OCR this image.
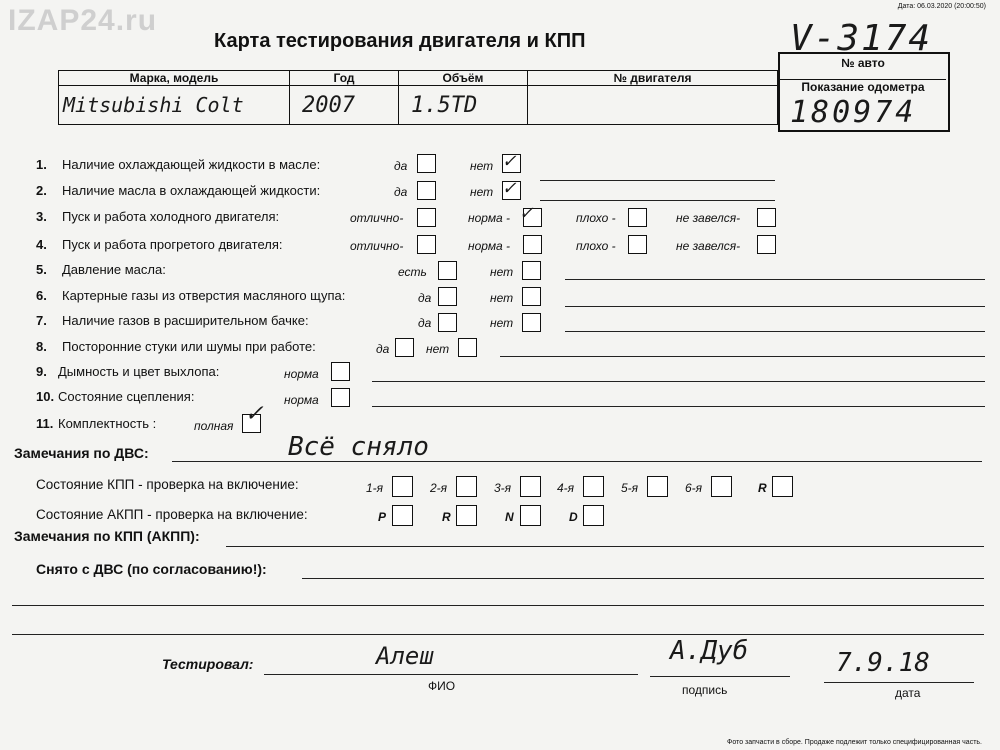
IZAP24.ru	Дата: 06.03.2020 (20:00:50)
Карта тестирования двигателя и КПП	V-3174
№ авто
Показание одометра
180974
Марка, модель	Год	Объём	№ двигателя
Mitsubishi Colt	2007	1.5TD	
1. Наличие охлаждающей жидкости в масле:	да	нет ✓
2. Наличие масла в охлаждающей жидкости:	да	нет ✓
3. Пуск и работа холодного двигателя:	отлично-	норма - ✓	плохо -	не завелся-
4. Пуск и работа прогретого двигателя:	отлично-	норма -	плохо -	не завелся-
5. Давление масла:	есть	нет
6. Картерные газы из отверстия масляного щупа:	да	нет
7. Наличие газов в расширительном бачке:	да	нет
8. Посторонние стуки или шумы при работе:	да	нет
9. Дымность и цвет выхлопа:	норма
10. Состояние сцепления:	норма
11. Комплектность :	полная ✓
Замечания по ДВС:	Всё сняло
Состояние КПП - проверка на включение:	1-я	2-я	3-я	4-я	5-я	6-я	R
Состояние АКПП - проверка на включение:	P	R	N	D
Замечания по КПП (АКПП):
Снято с ДВС (по согласованию!):
Тестировал:	Алеш
ФИО
А.Дуб
подпись
7.9.18
дата
Фото запчасти в сборе. Продаже подлежит только специфицированная часть.
